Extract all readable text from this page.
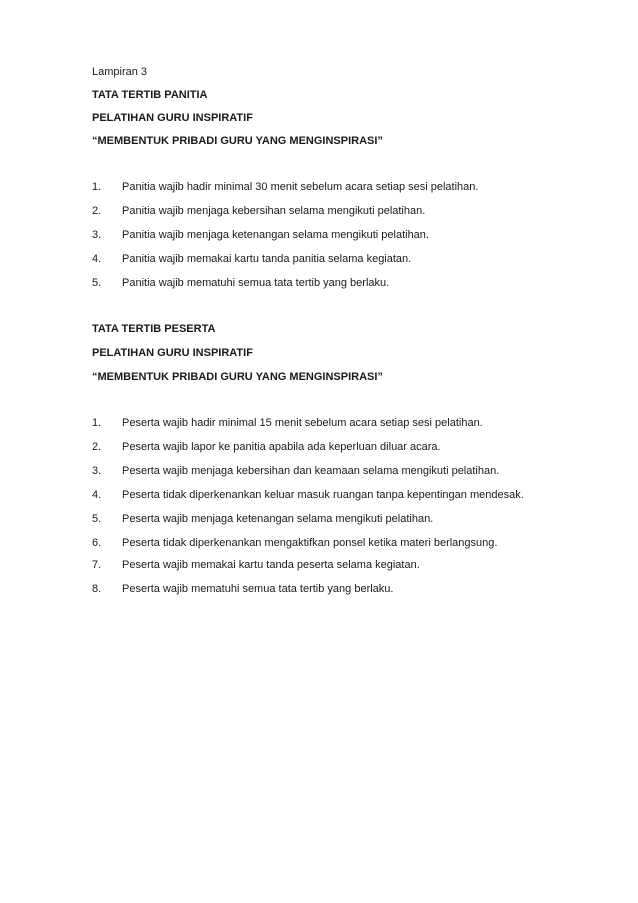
Lampiran 3
TATA TERTIB PANITIA
PELATIHAN GURU INSPIRATIF
“MEMBENTUK PRIBADI GURU YANG MENGINSPIRASI”
1. Panitia wajib hadir minimal 30 menit sebelum acara setiap sesi pelatihan.
2. Panitia wajib menjaga kebersihan selama mengikuti pelatihan.
3. Panitia wajib menjaga ketenangan selama mengikuti pelatihan.
4. Panitia wajib memakai kartu tanda panitia selama kegiatan.
5. Panitia wajib mematuhi semua tata tertib yang berlaku.
TATA TERTIB PESERTA
PELATIHAN GURU INSPIRATIF
“MEMBENTUK PRIBADI GURU YANG MENGINSPIRASI”
1. Peserta wajib hadir minimal 15 menit sebelum acara setiap sesi pelatihan.
2. Peserta wajib lapor ke panitia apabila ada keperluan diluar acara.
3. Peserta wajib menjaga kebersihan dan keamaan selama mengikuti pelatihan.
4. Peserta tidak diperkenankan keluar masuk ruangan tanpa kepentingan mendesak.
5. Peserta wajib menjaga ketenangan selama mengikuti pelatihan.
6. Peserta tidak diperkenankan mengaktifkan ponsel ketika materi berlangsung.
7. Peserta wajib memakai kartu tanda peserta selama kegiatan.
8. Peserta wajib mematuhi semua tata tertib yang berlaku.
